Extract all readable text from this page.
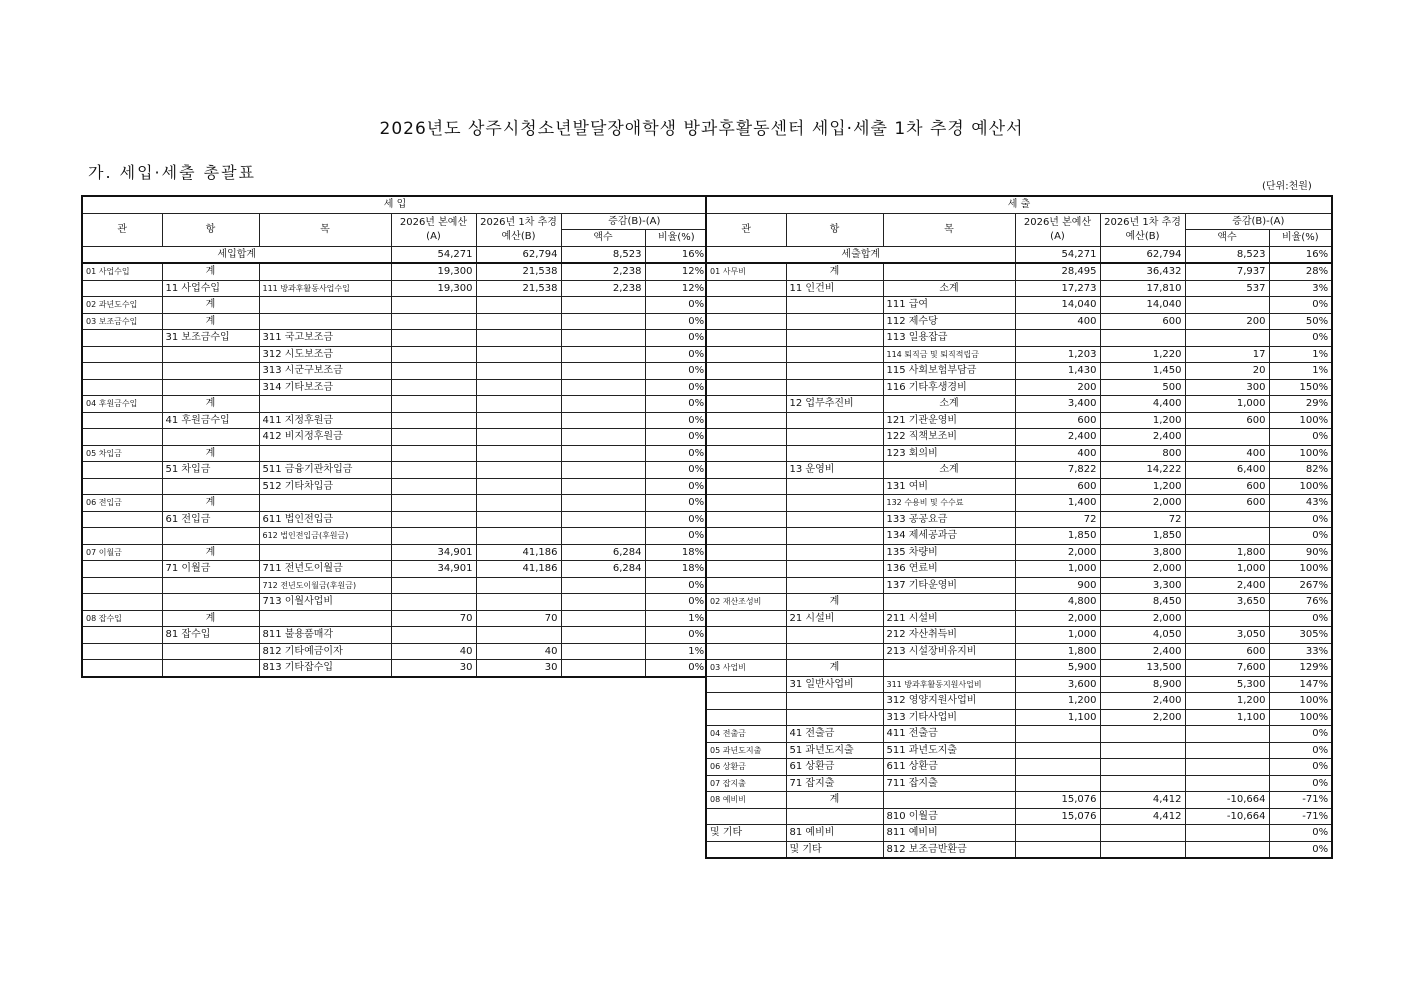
2026년도 상주시청소년발달장애학생 방과후활동센터 세입·세출 1차 추경 예산서
가. 세입·세출 총괄표
(단위:천원)
세 입						
관	항	목	2026년 본예산(A)	2026년 1차 추경 예산(B)	증감(B)-(A)	
					액수	비율(%)
세입합계			54,271	62,794	8,523	16%
01 사업수입	계		19,300	21,538	2,238	12%
	11 사업수입	111 방과후활동사업수입	19,300	21,538	2,238	12%
02 과년도수입	계					0%
03 보조금수입	계					0%
	31 보조금수입	311 국고보조금				0%
		312 시도보조금				0%
		313 시군구보조금				0%
		314 기타보조금				0%
04 후원금수입	계					0%
	41 후원금수입	411 지정후원금				0%
		412 비지정후원금				0%
05 차입금	계					0%
	51 차입금	511 금융기관차입금				0%
		512 기타차입금				0%
06 전입금	계					0%
	61 전입금	611 법인전입금				0%
		612 법인전입금(후원금)				0%
07 이월금	계		34,901	41,186	6,284	18%
	71 이월금	711 전년도이월금	34,901	41,186	6,284	18%
		712 전년도이월금(후원금)				0%
		713 이월사업비				0%
08 잡수입	계		70	70		1%
	81 잡수입	811 불용품매각				0%
		812 기타예금이자	40	40		1%
		813 기타잡수입	30	30		0%
세 출						
관	항	목	2026년 본예산(A)	2026년 1차 추경 예산(B)	증감(B)-(A)	
					액수	비율(%)
세출합계			54,271	62,794	8,523	16%
01 사무비	계		28,495	36,432	7,937	28%
	11 인건비	소계	17,273	17,810	537	3%
		111 급여	14,040	14,040		0%
		112 제수당	400	600	200	50%
		113 일용잡급				0%
		114 퇴직금 및 퇴직적립금	1,203	1,220	17	1%
		115 사회보험부담금	1,430	1,450	20	1%
		116 기타후생경비	200	500	300	150%
	12 업무추진비	소계	3,400	4,400	1,000	29%
		121 기관운영비	600	1,200	600	100%
		122 직책보조비	2,400	2,400		0%
		123 회의비	400	800	400	100%
	13 운영비	소계	7,822	14,222	6,400	82%
		131 여비	600	1,200	600	100%
		132 수용비 및 수수료	1,400	2,000	600	43%
		133 공공요금	72	72		0%
		134 제세공과금	1,850	1,850		0%
		135 차량비	2,000	3,800	1,800	90%
		136 연료비	1,000	2,000	1,000	100%
		137 기타운영비	900	3,300	2,400	267%
02 재산조성비	계		4,800	8,450	3,650	76%
	21 시설비	211 시설비	2,000	2,000		0%
		212 자산취득비	1,000	4,050	3,050	305%
		213 시설장비유지비	1,800	2,400	600	33%
03 사업비	계		5,900	13,500	7,600	129%
	31 일반사업비	311 방과후활동지원사업비	3,600	8,900	5,300	147%
		312 영양지원사업비	1,200	2,400	1,200	100%
		313 기타사업비	1,100	2,200	1,100	100%
04 전출금	41 전출금	411 전출금				0%
05 과년도지출	51 과년도지출	511 과년도지출				0%
06 상환금	61 상환금	611 상환금				0%
07 잡지출	71 잡지출	711 잡지출				0%
08 예비비	계		15,076	4,412	-10,664	-71%
		810 이월금	15,076	4,412	-10,664	-71%
및 기타	81 예비비	811 예비비				0%
	및 기타	812 보조금반환금				0%
